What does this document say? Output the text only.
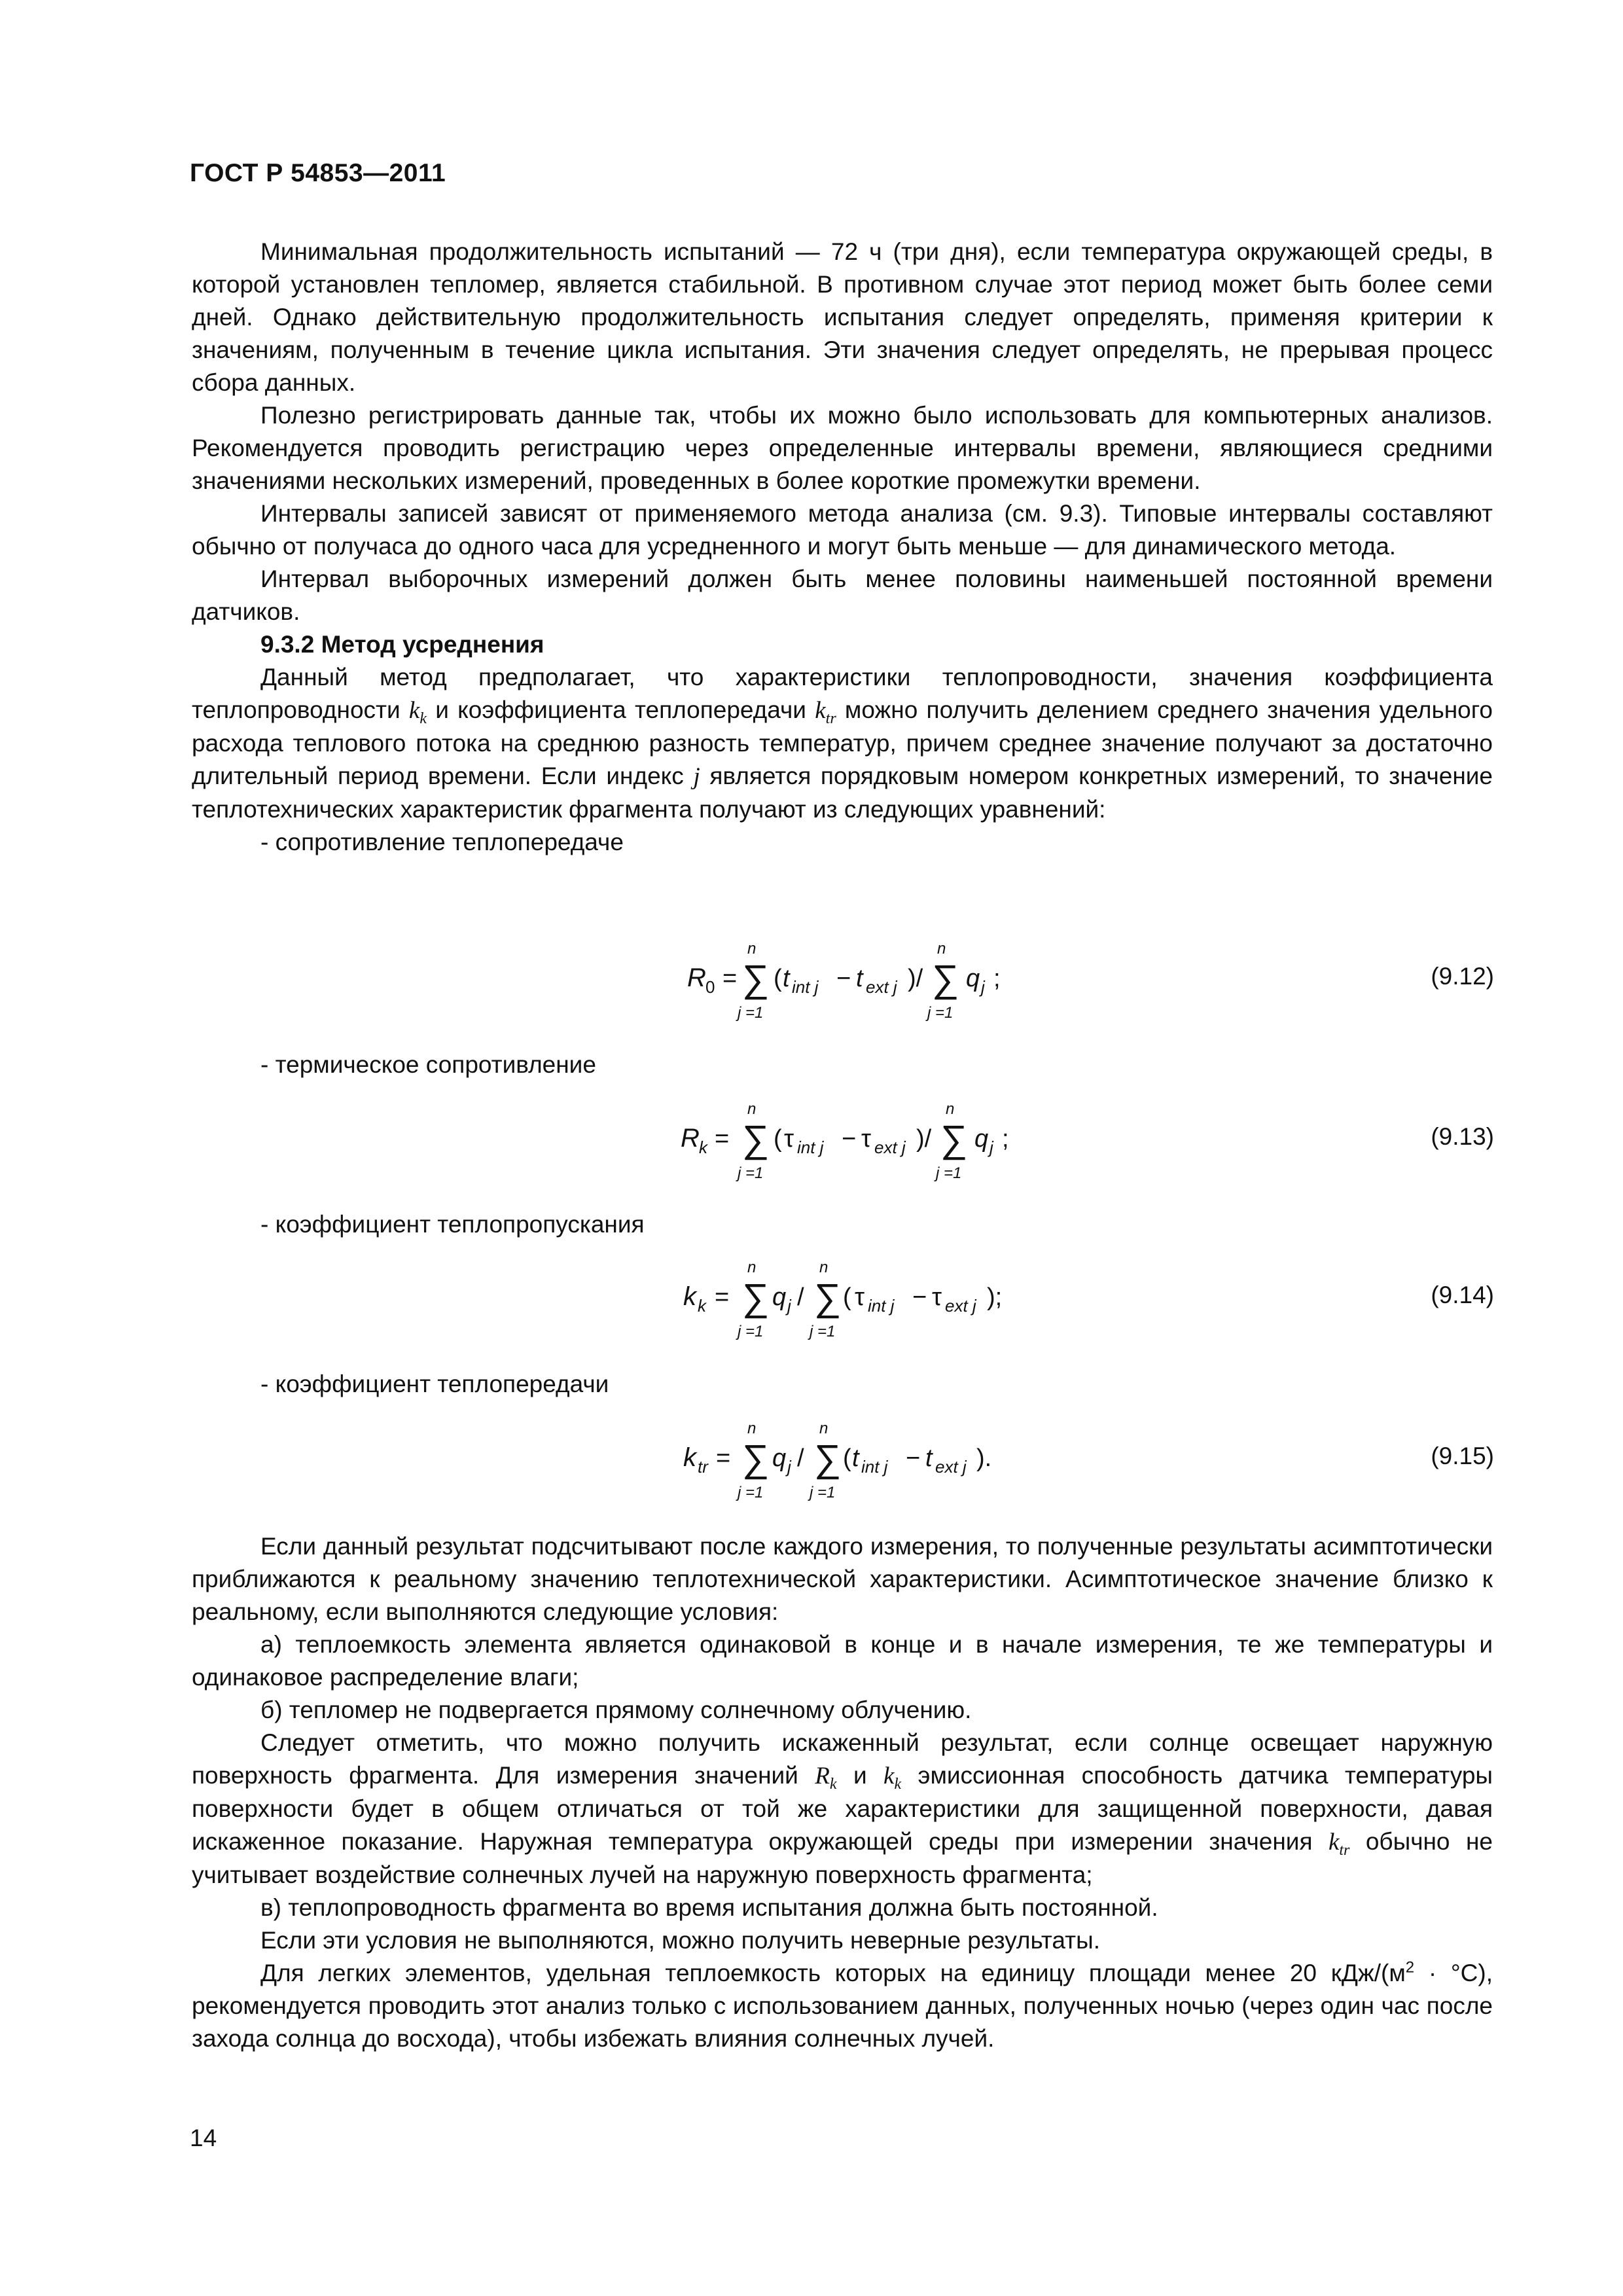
ГОСТ Р 54853—2011

Минимальная продолжительность испытаний — 72 ч (три дня), если температура окружающей среды, в которой установлен тепломер, является стабильной. В противном случае этот период может быть более семи дней. Однако действительную продолжительность испытания следует определять, применяя критерии к значениям, полученным в течение цикла испытания. Эти значения следует определять, не прерывая процесс сбора данных.

Полезно регистрировать данные так, чтобы их можно было использовать для компьютерных анализов. Рекомендуется проводить регистрацию через определенные интервалы времени, являющиеся средними значениями нескольких измерений, проведенных в более короткие промежутки времени.

Интервалы записей зависят от применяемого метода анализа (см. 9.3). Типовые интервалы составляют обычно от получаса до одного часа для усредненного и могут быть меньше — для динамического метода.

Интервал выборочных измерений должен быть менее половины наименьшей постоянной времени датчиков.

9.3.2 Метод усреднения

Данный метод предполагает, что характеристики теплопроводности, значения коэффициента теплопроводности $k_k$ и коэффициента теплопередачи $k_{tr}$ можно получить делением среднего значения удельного расхода теплового потока на среднюю разность температур, причем среднее значение получают за достаточно длительный период времени. Если индекс j является порядковым номером конкретных измерений, то значение теплотехнических характеристик фрагмента получают из следующих уравнений:

- сопротивление теплопередаче

R 0 =
n
∑
j =1
( t int j − t ext j )/
n
∑
j =1
q j ;	(9.12)

- термическое сопротивление

R k =
n
∑
j =1
( τ int j − τ ext j )/
n
∑
j =1
q j ;	(9.13)

- коэффициент теплопропускания

k k =
n
∑
j =1
q j /
n
∑
j =1
( τ int j − τ ext j );	(9.14)

- коэффициент теплопередачи

k tr =
n
∑
j =1
q j /
n
∑
j =1
( t int j − t ext j ).	(9.15)

Если данный результат подсчитывают после каждого измерения, то полученные результаты асимптотически приближаются к реальному значению теплотехнической характеристики. Асимптотическое значение близко к реальному, если выполняются следующие условия:

а) теплоемкость элемента является одинаковой в конце и в начале измерения, те же температуры и одинаковое распределение влаги;

б) тепломер не подвергается прямому солнечному облучению.

Следует отметить, что можно получить искаженный результат, если солнце освещает наружную поверхность фрагмента. Для измерения значений $R_k$ и $k_k$ эмиссионная способность датчика температуры поверхности будет в общем отличаться от той же характеристики для защищенной поверхности, давая искаженное показание. Наружная температура окружающей среды при измерении значения $k_{tr}$ обычно не учитывает воздействие солнечных лучей на наружную поверхность фрагмента;

в) теплопроводность фрагмента во время испытания должна быть постоянной.

Если эти условия не выполняются, можно получить неверные результаты.

Для легких элементов, удельная теплоемкость которых на единицу площади менее 20 кДж/$(м^2 \cdot ^\circ С)$, рекомендуется проводить этот анализ только с использованием данных, полученных ночью (через один час после захода солнца до восхода), чтобы избежать влияния солнечных лучей.

14
